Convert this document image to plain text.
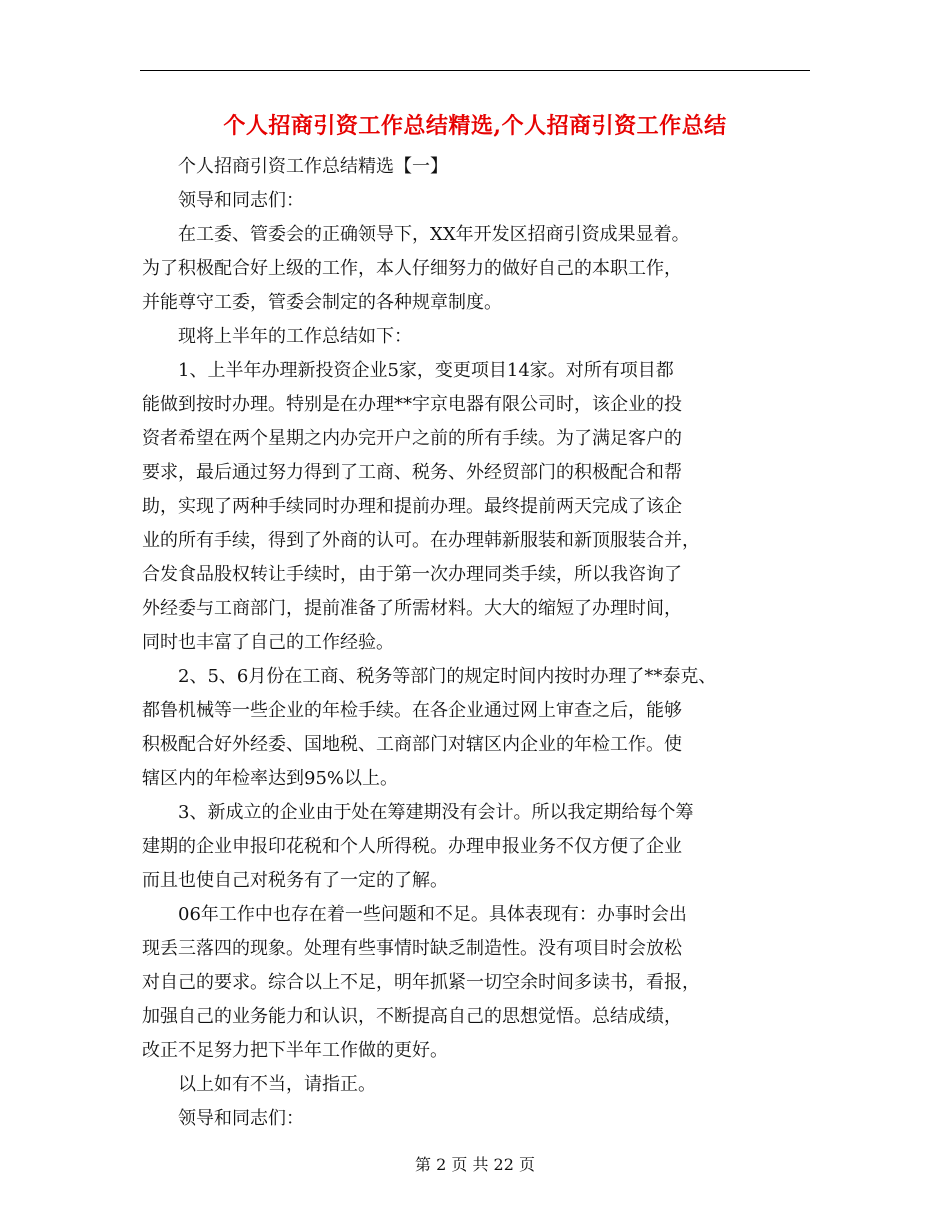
个人招商引资工作总结精选,个人招商引资工作总结

　　个人招商引资工作总结精选【一】

　　领导和同志们：

　　在工委、管委会的正确领导下，XX年开发区招商引资成果显着。

为了积极配合好上级的工作，本人仔细努力的做好自己的本职工作，

并能尊守工委，管委会制定的各种规章制度。

　　现将上半年的工作总结如下：

　　1、上半年办理新投资企业5家，变更项目14家。对所有项目都

能做到按时办理。特别是在办理**宇京电器有限公司时，该企业的投

资者希望在两个星期之内办完开户之前的所有手续。为了满足客户的

要求，最后通过努力得到了工商、税务、外经贸部门的积极配合和帮

助，实现了两种手续同时办理和提前办理。最终提前两天完成了该企

业的所有手续，得到了外商的认可。在办理韩新服装和新顶服装合并，

合发食品股权转让手续时，由于第一次办理同类手续，所以我咨询了

外经委与工商部门，提前准备了所需材料。大大的缩短了办理时间，

同时也丰富了自己的工作经验。

　　2、5、6月份在工商、税务等部门的规定时间内按时办理了**泰克、

都鲁机械等一些企业的年检手续。在各企业通过网上审查之后，能够

积极配合好外经委、国地税、工商部门对辖区内企业的年检工作。使

辖区内的年检率达到95%以上。

　　3、新成立的企业由于处在筹建期没有会计。所以我定期给每个筹

建期的企业申报印花税和个人所得税。办理申报业务不仅方便了企业

而且也使自己对税务有了一定的了解。

　　06年工作中也存在着一些问题和不足。具体表现有：办事时会出

现丢三落四的现象。处理有些事情时缺乏制造性。没有项目时会放松

对自己的要求。综合以上不足，明年抓紧一切空余时间多读书，看报，

加强自己的业务能力和认识，不断提高自己的思想觉悟。总结成绩，

改正不足努力把下半年工作做的更好。

　　以上如有不当，请指正。

　　领导和同志们：

第 2 页 共 22 页
